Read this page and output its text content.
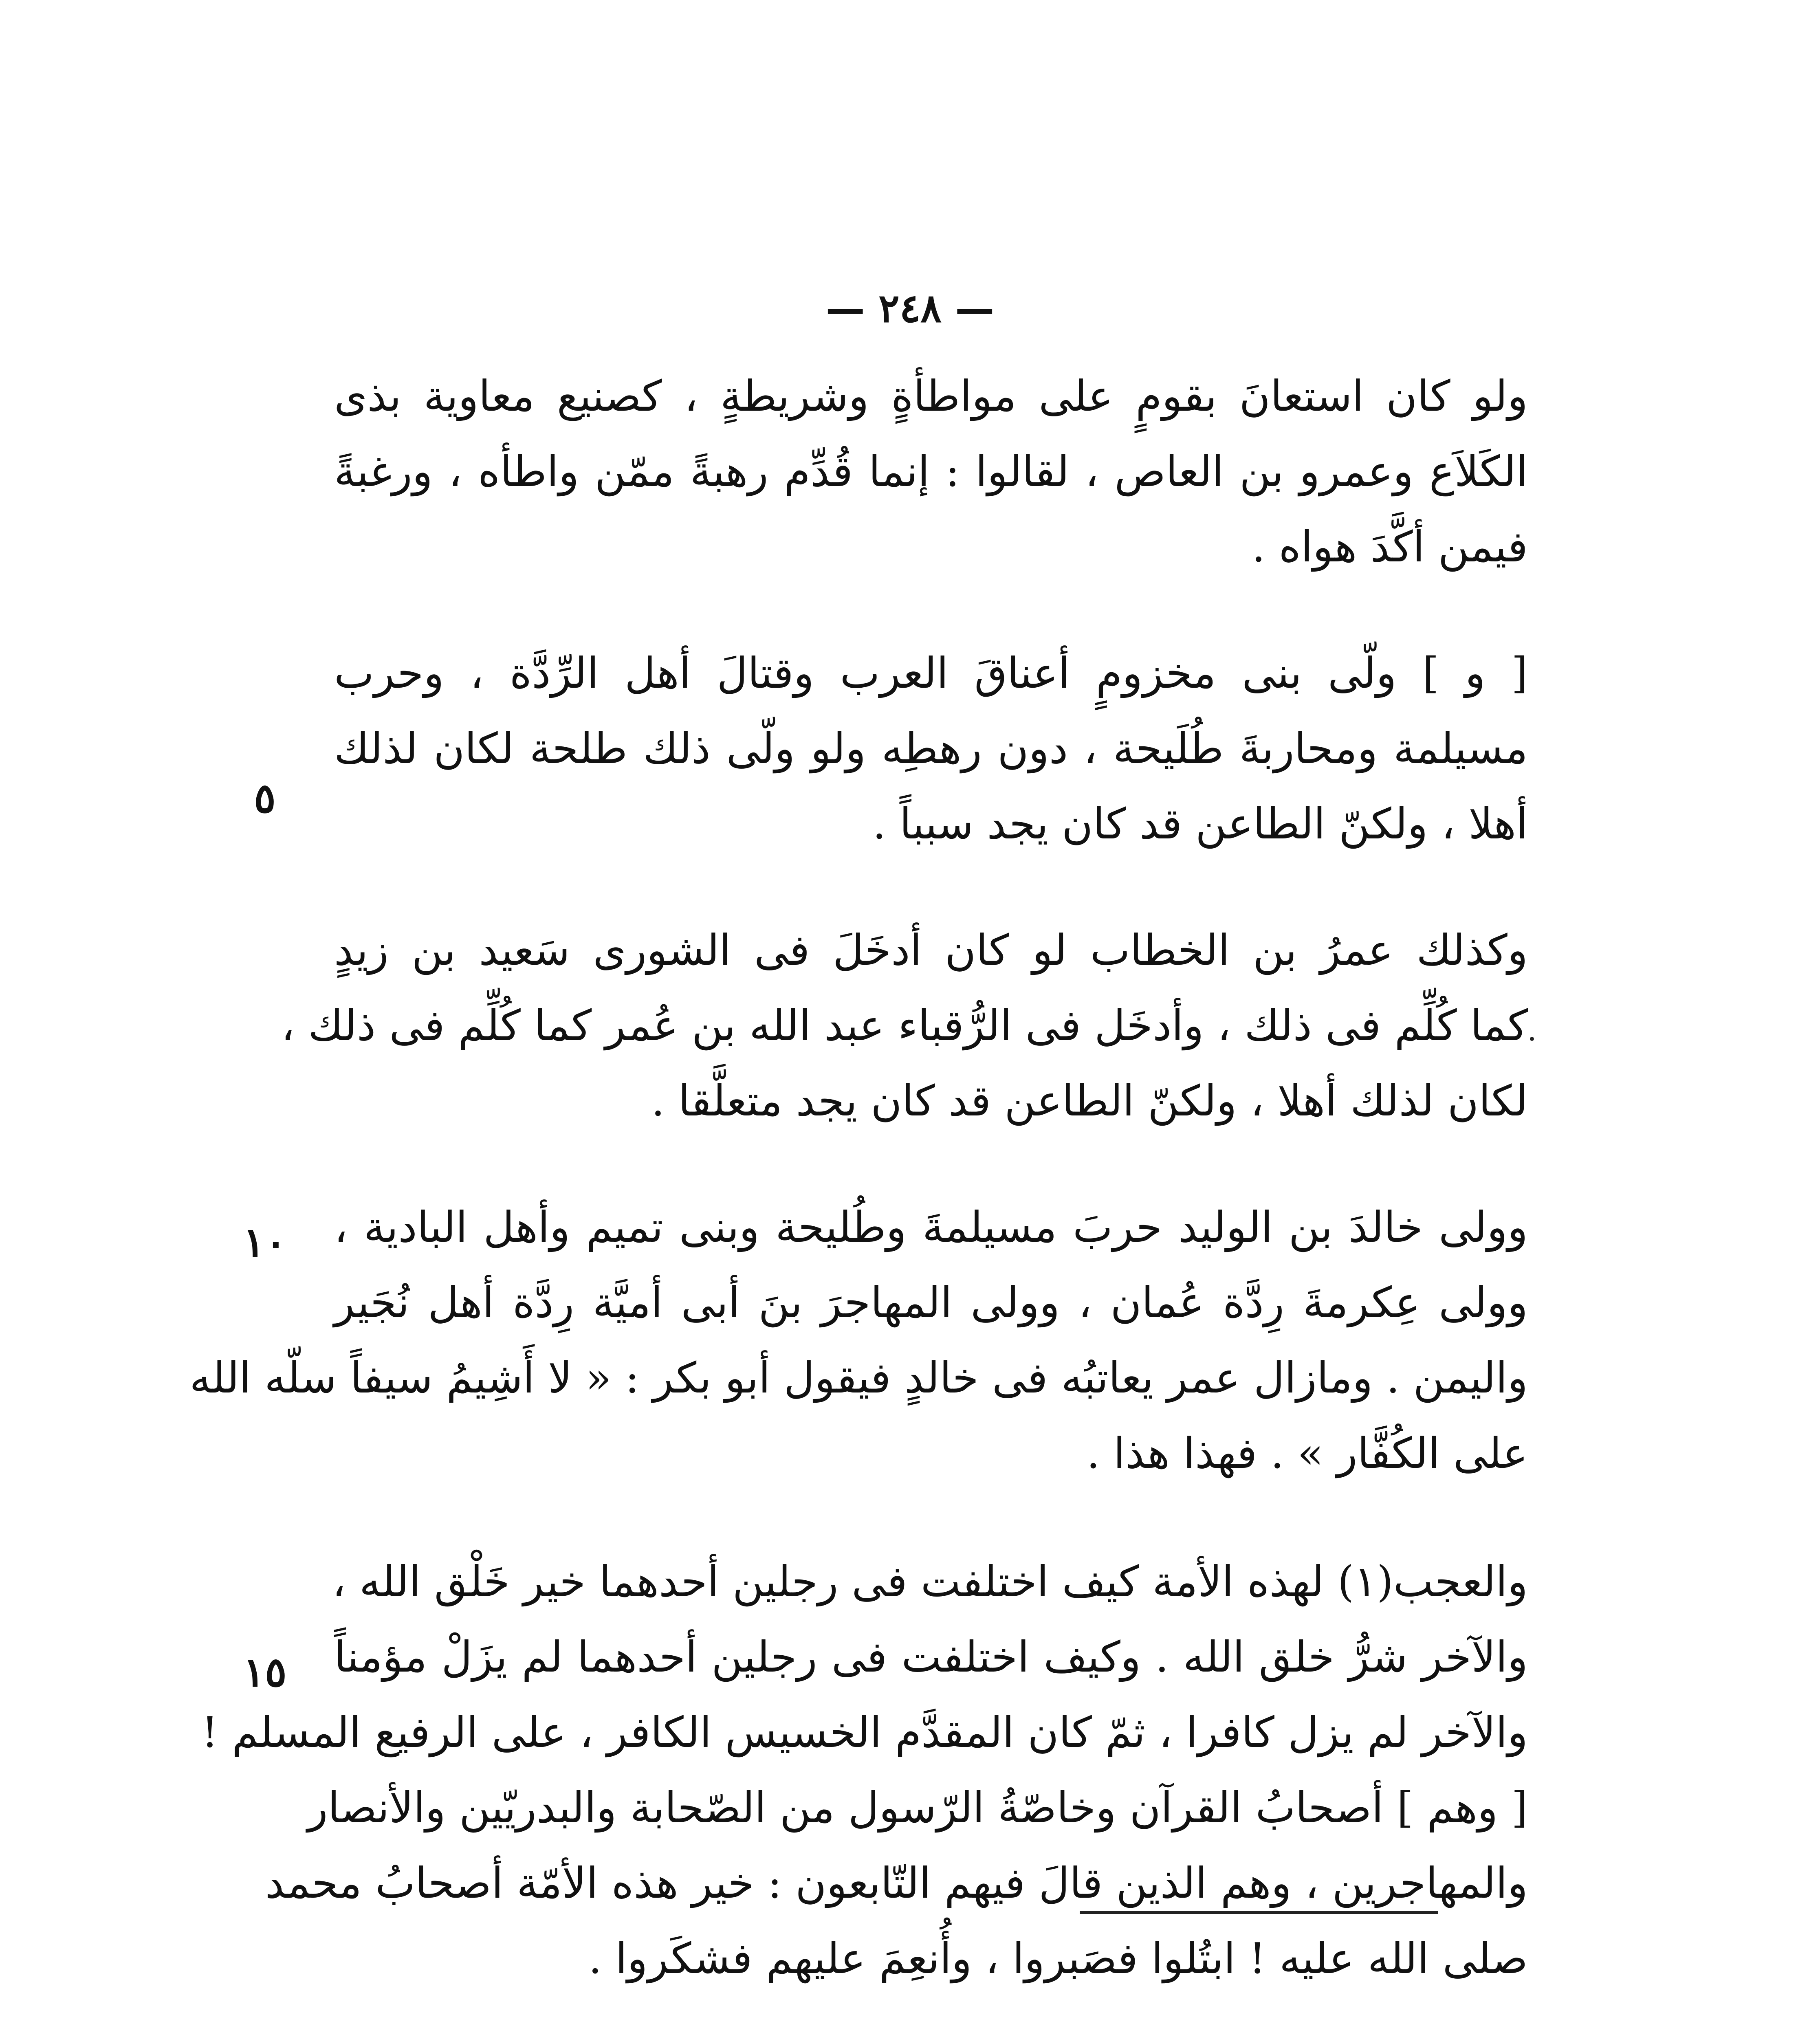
— ٢٤٨ —
ولو كان استعانَ بقومٍ على مواطأةٍ وشريطةٍ ، كصنيع معاوية بذى
الكَلاَع وعمرو بن العاص ، لقالوا : إنما قُدِّم رهبةً ممّن واطأه ، ورغبةً
فيمن أكَّدَ هواه .
[ و ] ولّى بنى مخزومٍ أعناقَ العرب وقتالَ أهل الرِّدَّة ، وحرب
مسيلمة ومحاربةَ طُلَيحة ، دون رهطِه ولو ولّى ذلك طلحة لكان لذلك
أهلا ، ولكنّ الطاعن قد كان يجد سبباً .
وكذلك عمرُ بن الخطاب لو كان أدخَلَ فى الشورى سَعيد بن زيدٍ
كما كُلِّم فى ذلك ، وأدخَل فى الرُّقباء عبد الله بن عُمر كما كُلِّم فى ذلك ،
لكان لذلك أهلا ، ولكنّ الطاعن قد كان يجد متعلَّقا .
وولى خالدَ بن الوليد حربَ مسيلمةَ وطُليحة وبنى تميم وأهل البادية ،
وولى عِكرمةَ رِدَّة عُمان ، وولى المهاجرَ بنَ أبى أميَّة رِدَّة أهل نُجَير
واليمن . ومازال عمر يعاتبُه فى خالدٍ فيقول أبو بكر : « لا أَشِيمُ سيفاً سلّه الله
على الكُفَّار » . فهذا هذا .
والعجب(١) لهذه الأمة كيف اختلفت فى رجلين أحدهما خير خَلْق الله ،
والآخر شرُّ خلق الله . وكيف اختلفت فى رجلين أحدهما لم يزَلْ مؤمناً
والآخر لم يزل كافرا ، ثمّ كان المقدَّم الخسيس الكافر ، على الرفيع المسلم !
[ وهم ] أصحابُ القرآن وخاصّةُ الرّسول من الصّحابة والبدريّين والأنصار
والمهاجرين ، وهم الذين قالَ فيهم التّابعون : خير هذه الأمّة أصحابُ محمد
صلى الله عليه ! ابتُلوا فصَبروا ، وأُنعِمَ عليهم فشكَروا .
٥
١٠
١٥
